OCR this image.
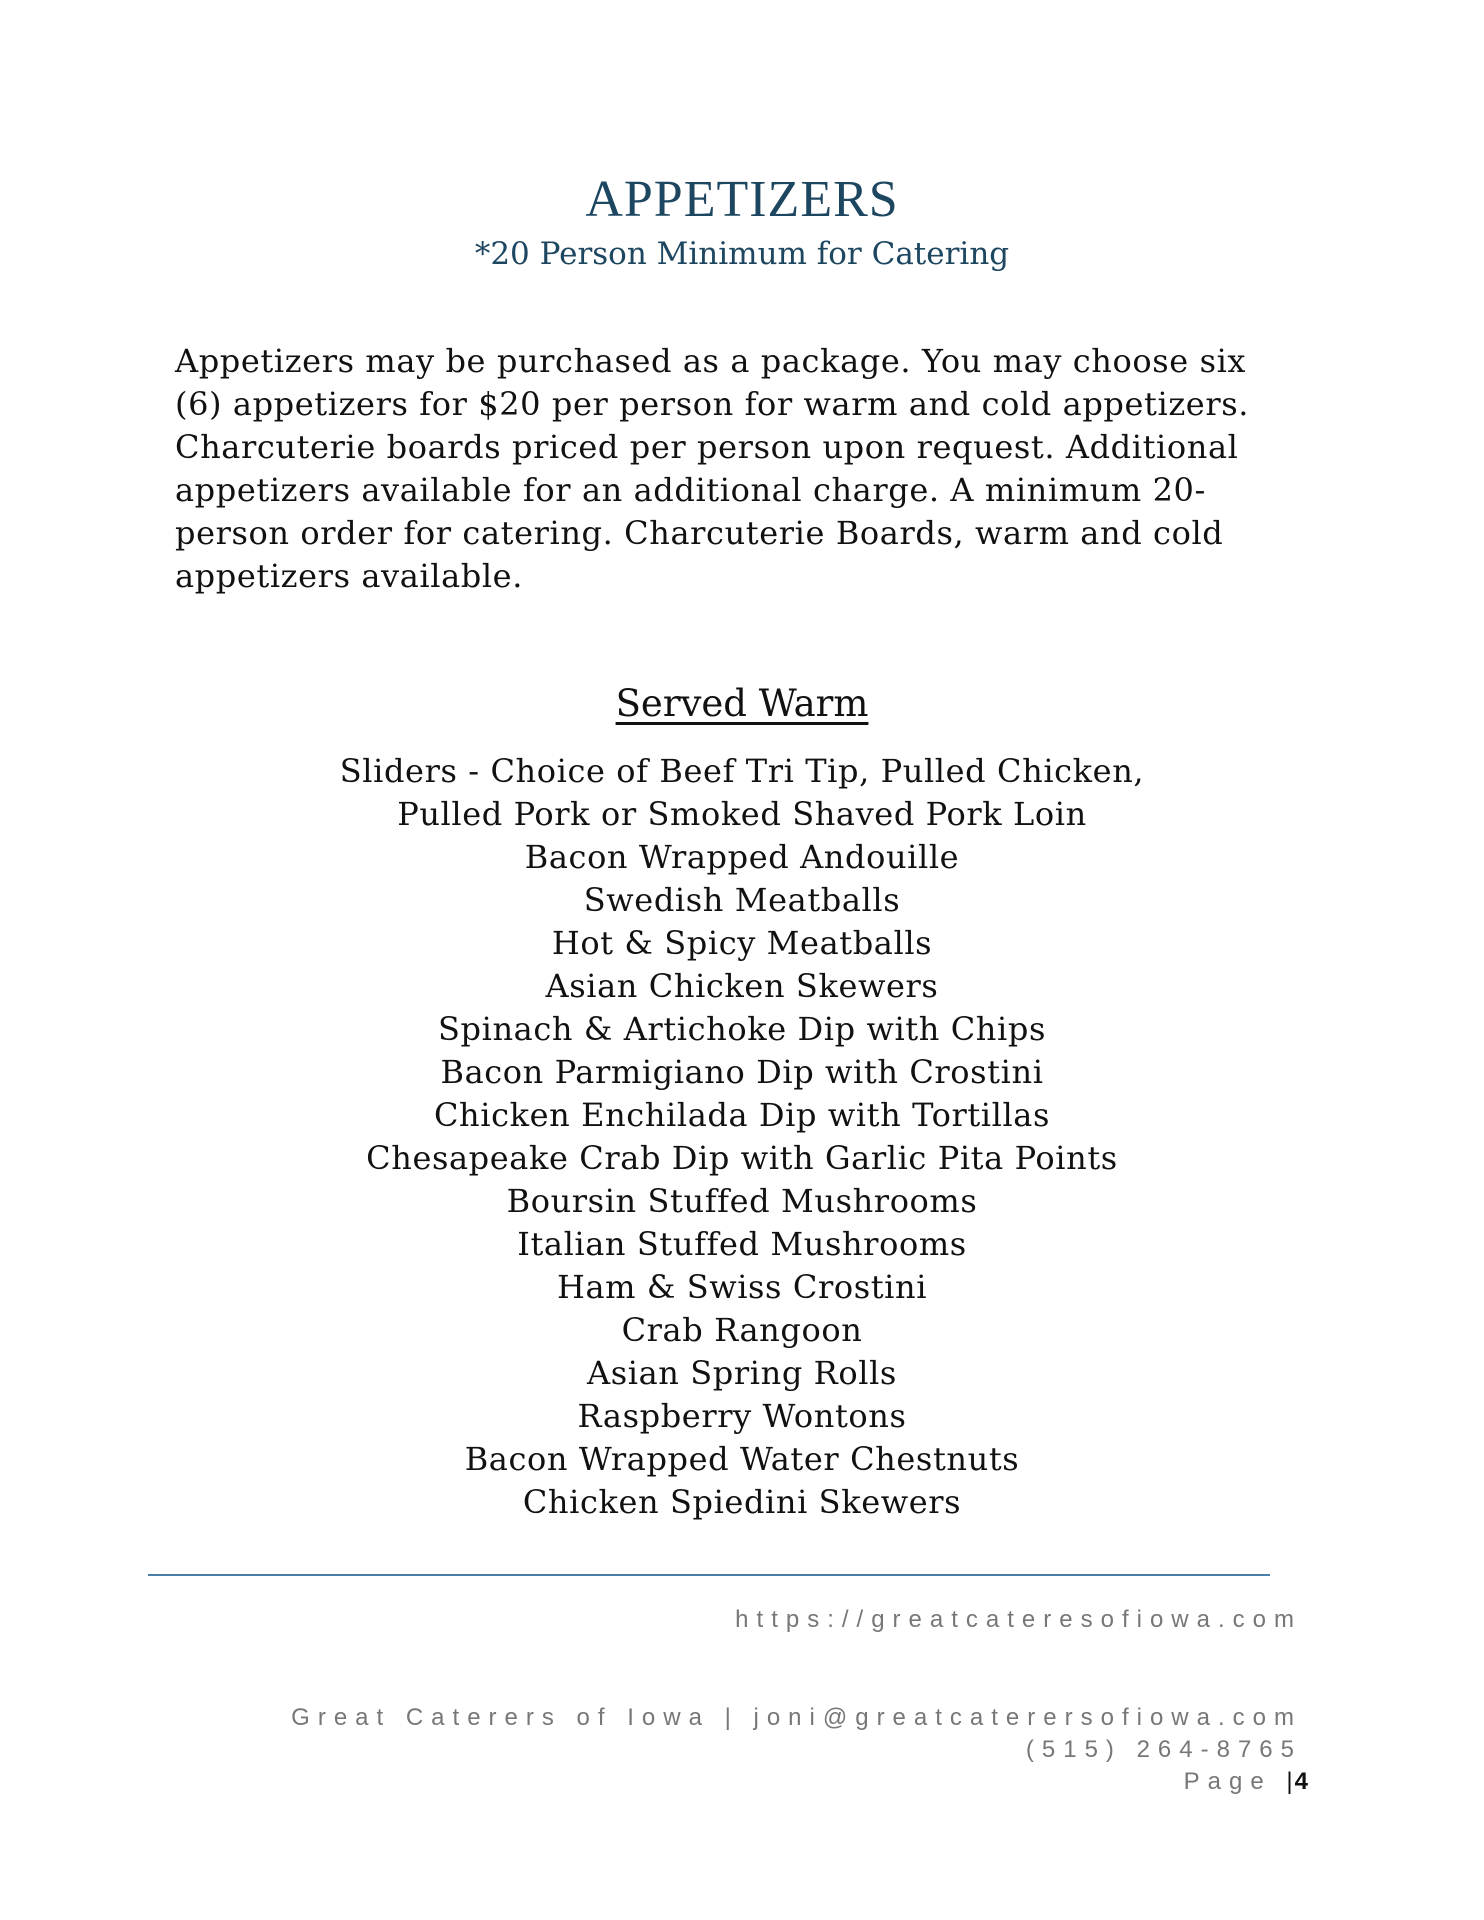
APPETIZERS

*20 Person Minimum for Catering

Appetizers may be purchased as a package. You may choose six
(6) appetizers for $20 per person for warm and cold appetizers.
Charcuterie boards priced per person upon request. Additional
appetizers available for an additional charge. A minimum 20-
person order for catering. Charcuterie Boards, warm and cold
appetizers available.
Served Warm
Sliders - Choice of Beef Tri Tip, Pulled Chicken,
Pulled Pork or Smoked Shaved Pork Loin
Bacon Wrapped Andouille
Swedish Meatballs
Hot & Spicy Meatballs
Asian Chicken Skewers
Spinach & Artichoke Dip with Chips
Bacon Parmigiano Dip with Crostini
Chicken Enchilada Dip with Tortillas
Chesapeake Crab Dip with Garlic Pita Points
Boursin Stuffed Mushrooms
Italian Stuffed Mushrooms
Ham & Swiss Crostini
Crab Rangoon
Asian Spring Rolls
Raspberry Wontons
Bacon Wrapped Water Chestnuts
Chicken Spiedini Skewers

https://greatcateresofiowa.com

Great Caterers of Iowa | joni@greatcaterersofiowa.com

(515) 264-8765

Page |4
